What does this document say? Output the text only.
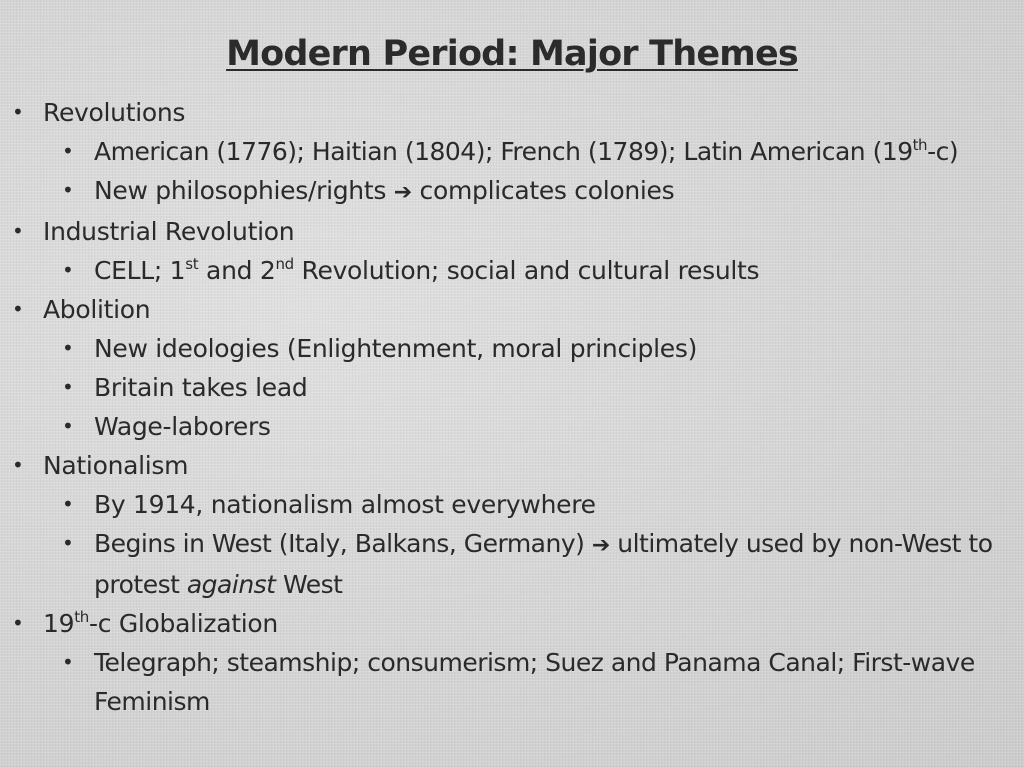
Modern Period: Major Themes
• Revolutions
• American (1776); Haitian (1804); French (1789); Latin American (19th-c)
• New philosophies/rights ➔ complicates colonies
• Industrial Revolution
• CELL; 1st and 2nd Revolution; social and cultural results
• Abolition
• New ideologies (Enlightenment, moral principles)
• Britain takes lead
• Wage-laborers
• Nationalism
• By 1914, nationalism almost everywhere
• Begins in West (Italy, Balkans, Germany) ➔ ultimately used by non-West to protest against West
• 19th-c Globalization
• Telegraph; steamship; consumerism; Suez and Panama Canal; First-wave Feminism
